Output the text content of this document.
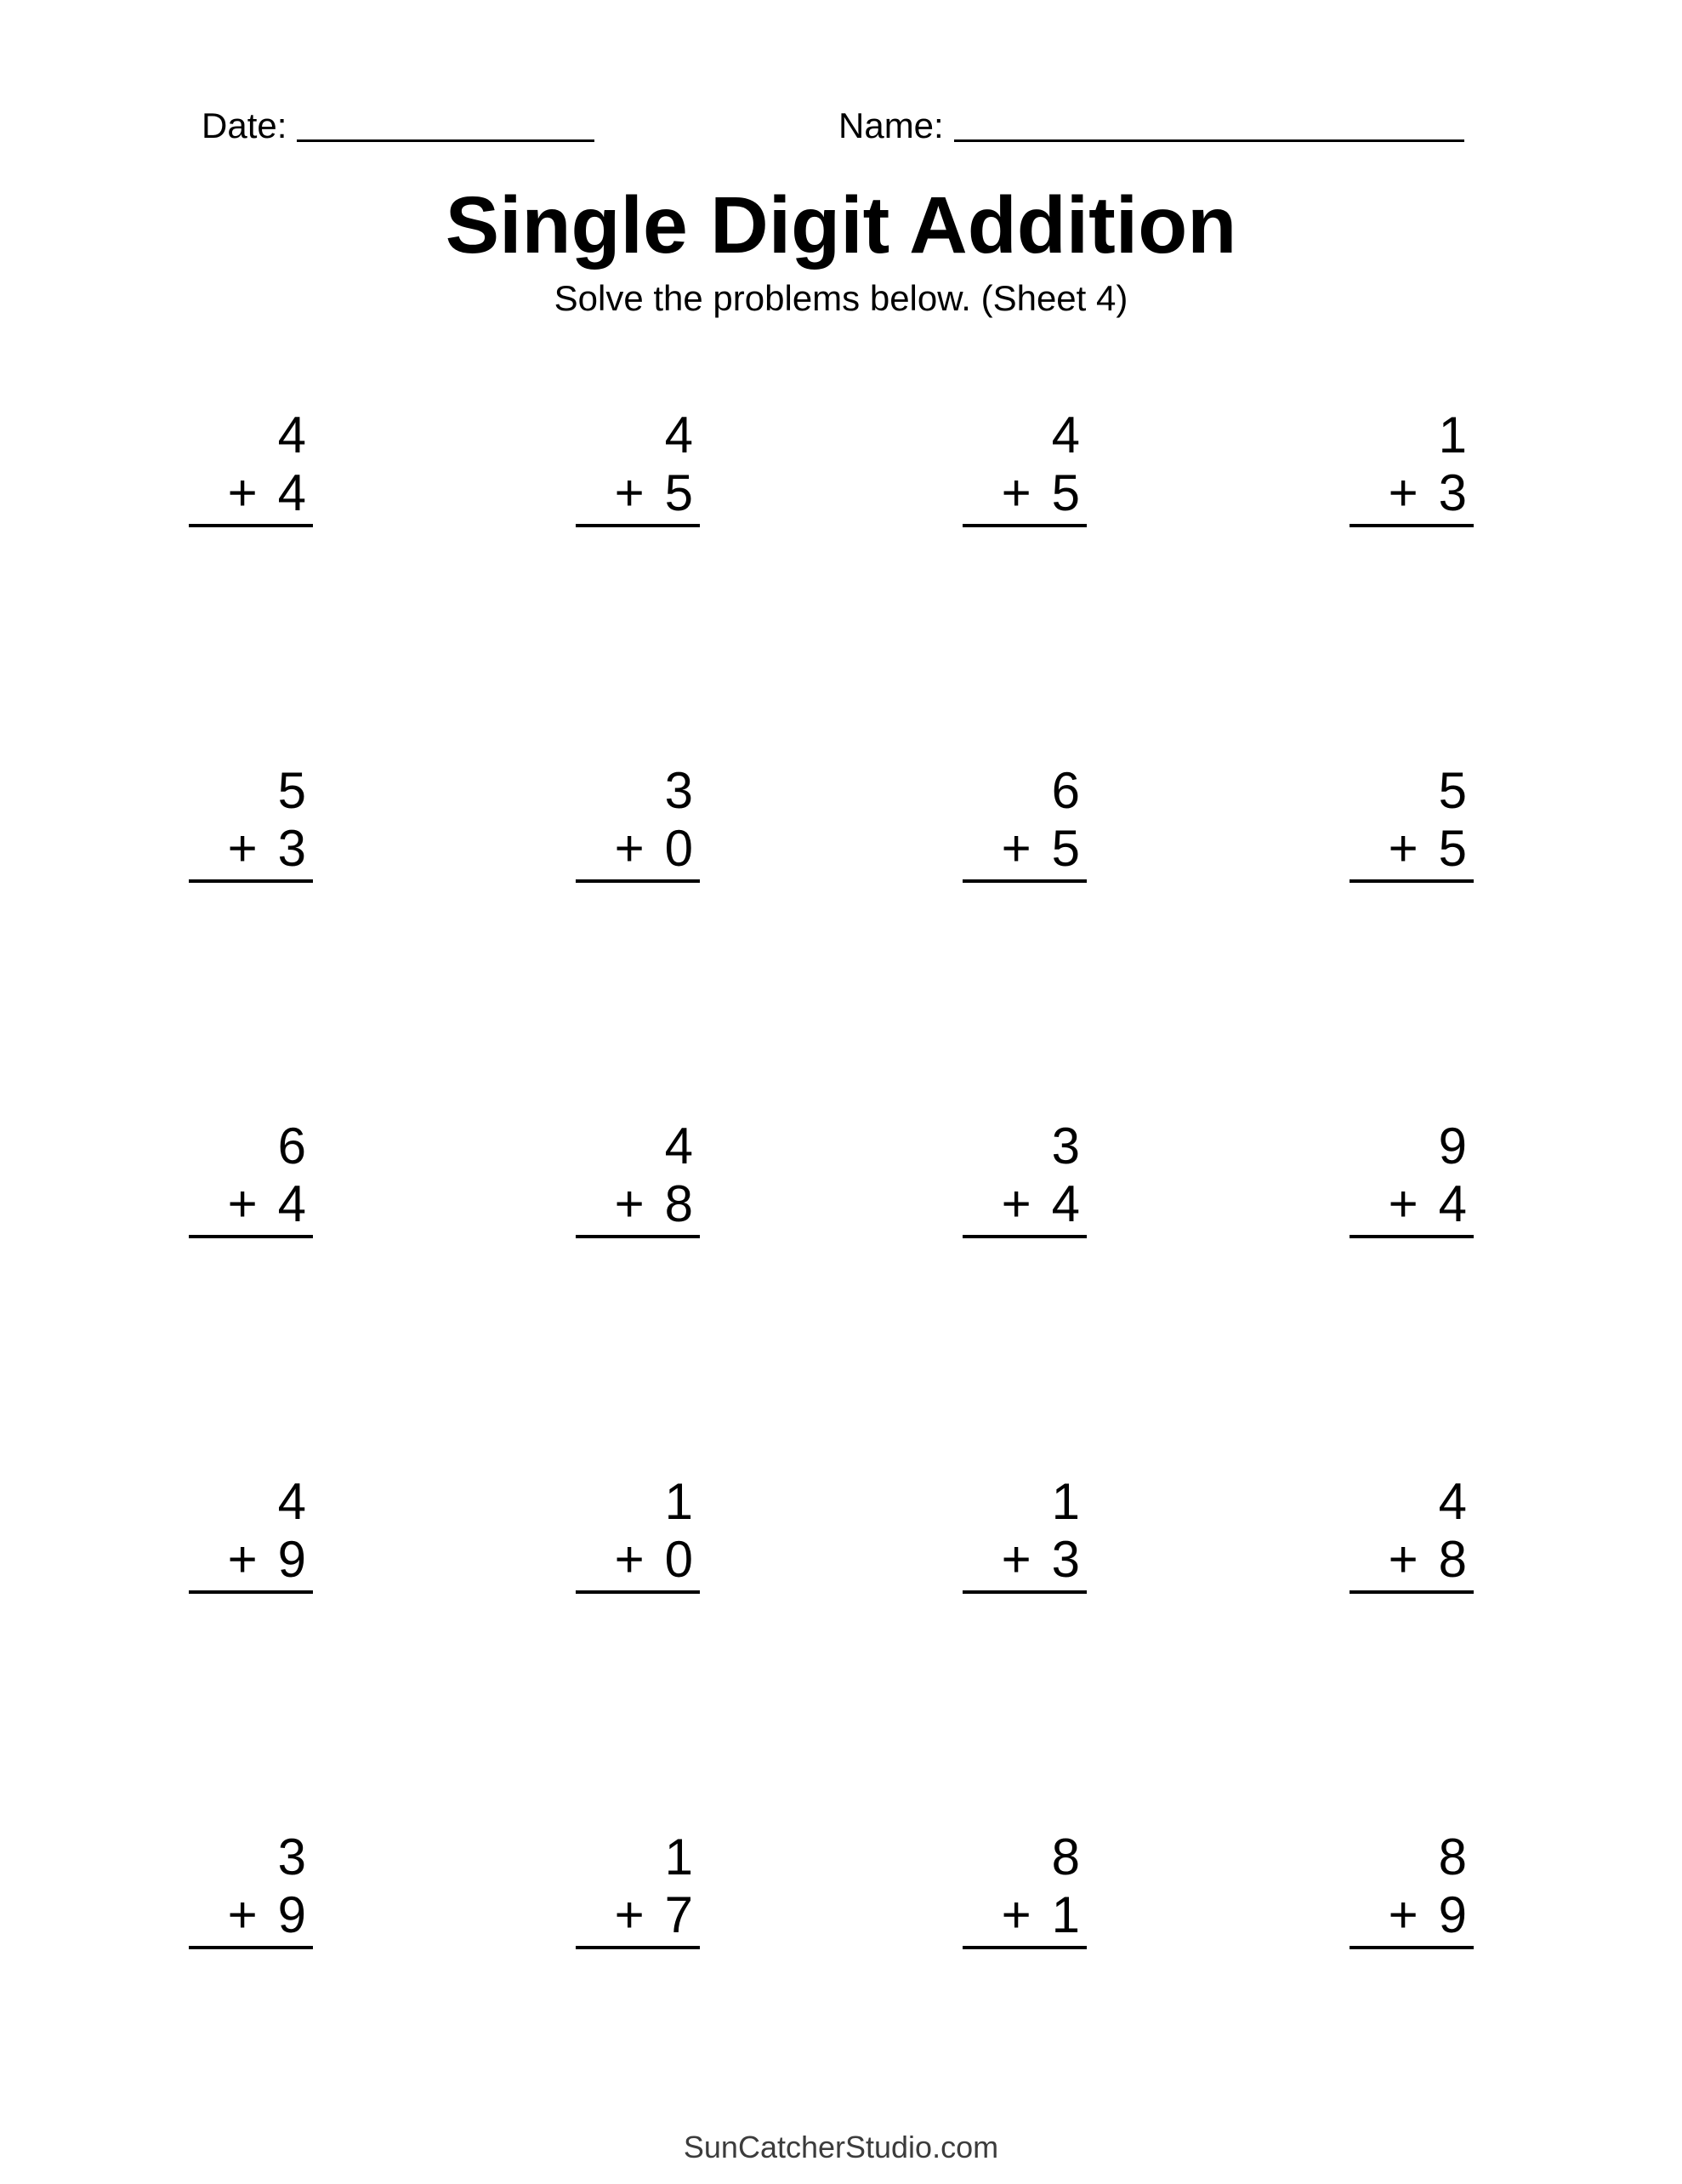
Date:	Name:
Single Digit Addition
Solve the problems below. (Sheet 4)
4
+ 4
4
+ 5
4
+ 5
1
+ 3
5
+ 3
3
+ 0
6
+ 5
5
+ 5
6
+ 4
4
+ 8
3
+ 4
9
+ 4
4
+ 9
1
+ 0
1
+ 3
4
+ 8
3
+ 9
1
+ 7
8
+ 1
8
+ 9
SunCatcherStudio.com
